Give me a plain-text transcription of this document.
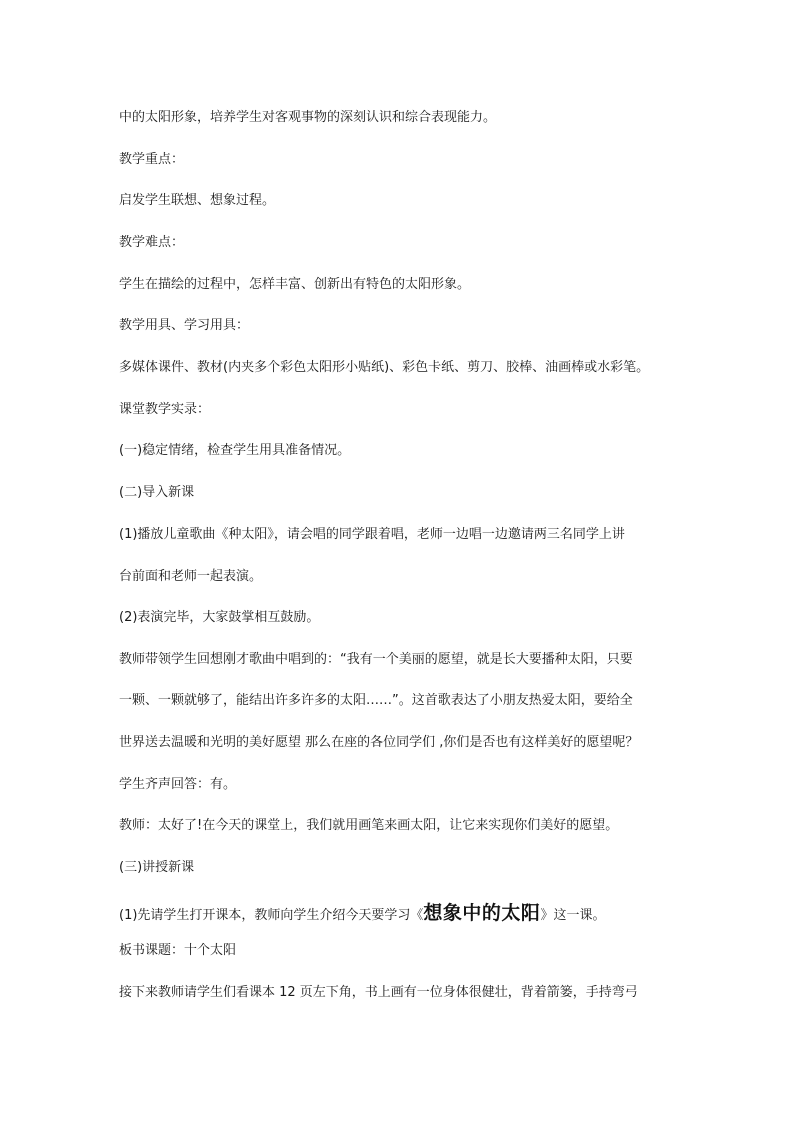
中的太阳形象，培养学生对客观事物的深刻认识和综合表现能力。
教学重点：
启发学生联想、想象过程。
教学难点：
学生在描绘的过程中，怎样丰富、创新出有特色的太阳形象。
教学用具、学习用具：
多媒体课件、教材(内夹多个彩色太阳形小贴纸)、彩色卡纸、剪刀、胶棒、油画棒或水彩笔。
课堂教学实录：
(一)稳定情绪，检查学生用具准备情况。
(二)导入新课
(1)播放儿童歌曲《种太阳》，请会唱的同学跟着唱，老师一边唱一边邀请两三名同学上讲
台前面和老师一起表演。
(2)表演完毕，大家鼓掌相互鼓励。
教师带领学生回想刚才歌曲中唱到的：“我有一个美丽的愿望，就是长大要播种太阳，只要
一颗、一颗就够了，能结出许多许多的太阳……”。这首歌表达了小朋友热爱太阳，要给全
世界送去温暖和光明的美好愿望 那么在座的各位同学们 ,你们是否也有这样美好的愿望呢？
学生齐声回答：有。
教师：太好了!在今天的课堂上，我们就用画笔来画太阳，让它来实现你们美好的愿望。
(三)讲授新课
(1)先请学生打开课本，教师向学生介绍今天要学习《想象中的太阳》这一课。
板书课题：十个太阳
接下来教师请学生们看课本 12 页左下角，书上画有一位身体很健壮，背着箭篓，手持弯弓
